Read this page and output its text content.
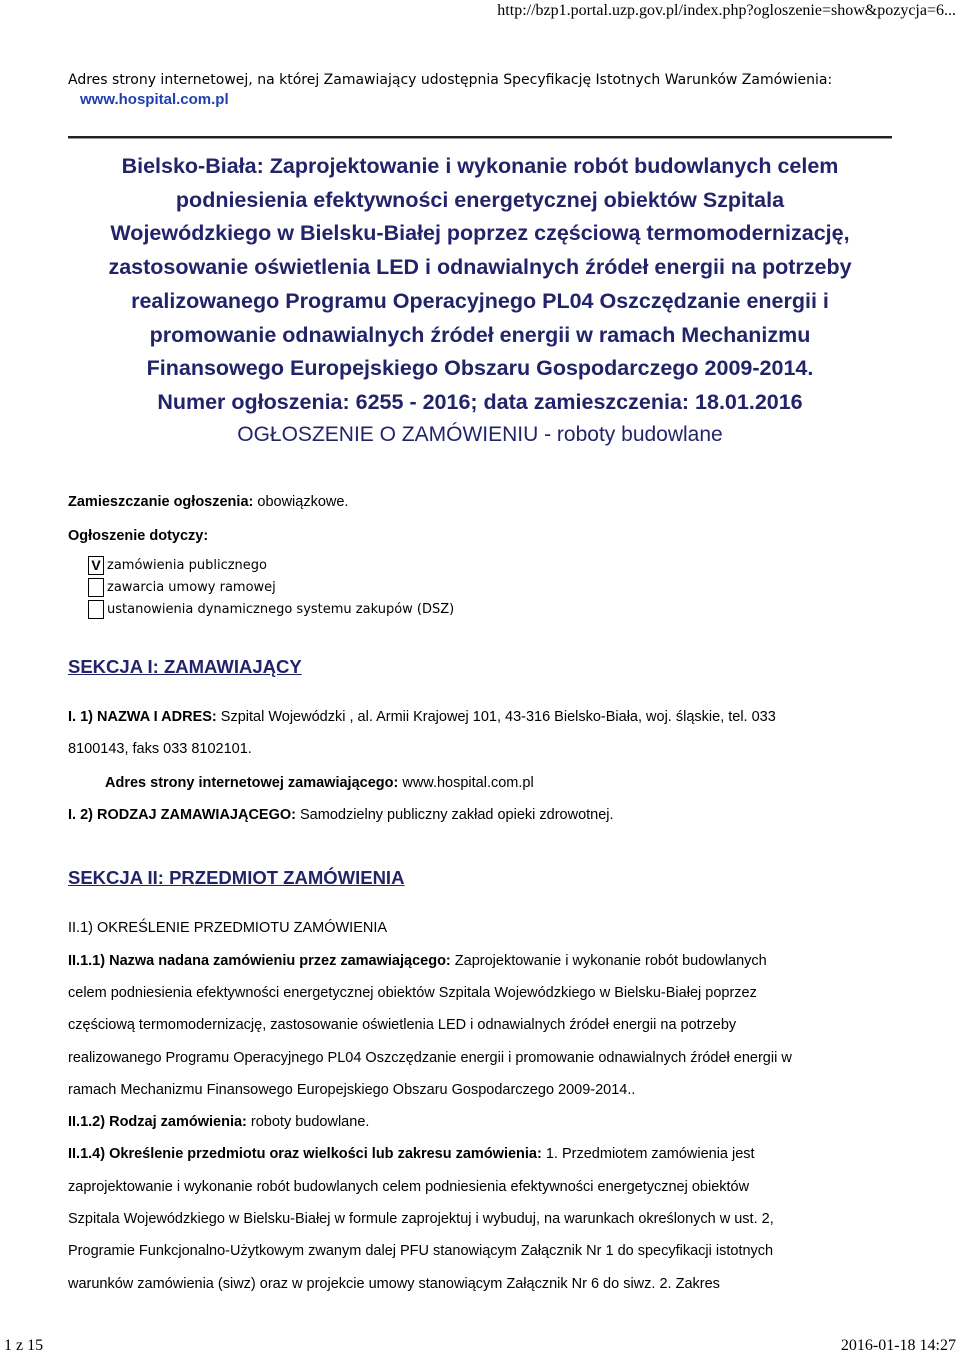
http://bzp1.portal.uzp.gov.pl/index.php?ogloszenie=show&pozycja=6...
Adres strony internetowej, na której Zamawiający udostępnia Specyfikację Istotnych Warunków Zamówienia:
www.hospital.com.pl
Bielsko-Biała: Zaprojektowanie i wykonanie robót budowlanych celem
podniesienia efektywności energetycznej obiektów Szpitala
Wojewódzkiego w Bielsku-Białej poprzez częściową termomodernizację,
zastosowanie oświetlenia LED i odnawialnych źródeł energii na potrzeby
realizowanego Programu Operacyjnego PL04 Oszczędzanie energii i
promowanie odnawialnych źródeł energii w ramach Mechanizmu
Finansowego Europejskiego Obszaru Gospodarczego 2009-2014.
Numer ogłoszenia: 6255 - 2016; data zamieszczenia: 18.01.2016
OGŁOSZENIE O ZAMÓWIENIU - roboty budowlane
Zamieszczanie ogłoszenia: obowiązkowe.
Ogłoszenie dotyczy:
V zamówienia publicznego
zawarcia umowy ramowej
ustanowienia dynamicznego systemu zakupów (DSZ)
SEKCJA I: ZAMAWIAJĄCY
I. 1) NAZWA I ADRES: Szpital Wojewódzki , al. Armii Krajowej 101, 43-316 Bielsko-Biała, woj. śląskie, tel. 033
8100143, faks 033 8102101.
Adres strony internetowej zamawiającego: www.hospital.com.pl
I. 2) RODZAJ ZAMAWIAJĄCEGO: Samodzielny publiczny zakład opieki zdrowotnej.
SEKCJA II: PRZEDMIOT ZAMÓWIENIA
II.1) OKREŚLENIE PRZEDMIOTU ZAMÓWIENIA
II.1.1) Nazwa nadana zamówieniu przez zamawiającego: Zaprojektowanie i wykonanie robót budowlanych
celem podniesienia efektywności energetycznej obiektów Szpitala Wojewódzkiego w Bielsku-Białej poprzez
częściową termomodernizację, zastosowanie oświetlenia LED i odnawialnych źródeł energii na potrzeby
realizowanego Programu Operacyjnego PL04 Oszczędzanie energii i promowanie odnawialnych źródeł energii w
ramach Mechanizmu Finansowego Europejskiego Obszaru Gospodarczego 2009-2014..
II.1.2) Rodzaj zamówienia: roboty budowlane.
II.1.4) Określenie przedmiotu oraz wielkości lub zakresu zamówienia: 1. Przedmiotem zamówienia jest
zaprojektowanie i wykonanie robót budowlanych celem podniesienia efektywności energetycznej obiektów
Szpitala Wojewódzkiego w Bielsku-Białej w formule zaprojektuj i wybuduj, na warunkach określonych w ust. 2,
Programie Funkcjonalno-Użytkowym zwanym dalej PFU stanowiącym Załącznik Nr 1 do specyfikacji istotnych
warunków zamówienia (siwz) oraz w projekcie umowy stanowiącym Załącznik Nr 6 do siwz. 2. Zakres
1 z 15	2016-01-18 14:27
